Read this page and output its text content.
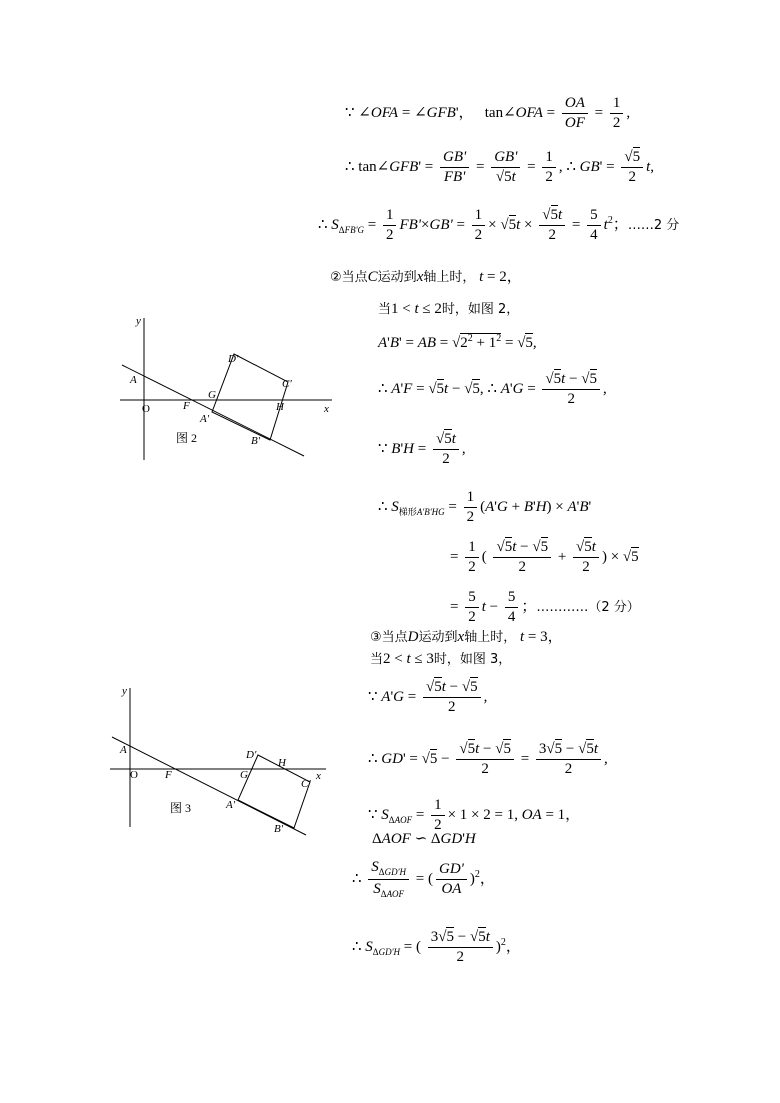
∵ ∠OFA = ∠GFB'，   tan∠OFA = $\frac{OA}{OF} = \frac{1}{2}$ ,
∴ tan∠GFB' = $\frac{GB'}{FB'} = \frac{GB'}{√5t} = \frac{1}{2}$ , ∴ $GB' = \frac{√5}{2} t$,
∴ $S_{\Delta FB'G} = \frac{1}{2} FB'\times GB' = \frac{1}{2} \times √5t \times \frac{√5t}{2} = \frac{5}{4} t^2$；……2 分
②当点C运动到x轴上时， t = 2，
当1 < t ≤ 2时，如图 2，
A'B' = AB = $√2^2 + 1^2 = √5$,
∴ A'F = √5t − √5, ∴ $A'G = \frac{√5t - √5}{2}$ ,
∵ $B'H = \frac{√5t}{2}$ ,
∴ $S_{梯形A'B'HG} = \frac{1}{2} (A'G + B'H) \times A'B'$
= $\frac{1}{2}$ ( $\frac{√5t - √5}{2} + \frac{√5t}{2}$ ) × √5
= $\frac{5}{2}$ $t - \frac{5}{4}$ ；…………（2 分）
③当点D运动到x轴上时， t = 3，
当2 < t ≤ 3时，如图 3，
∵ $A'G = \frac{√5t - √5}{2}$ ,
∴ $GD' = √5 - \frac{√5t - √5}{2} = \frac{3√5 - √5t}{2}$ ,
∵ $S_{\Delta AOF} = \frac{1}{2} \times 1 \times 2 = 1$, OA = 1，
ΔAOF ∽ ΔGD'H
∴ $\frac{S_{\Delta GD'H}}{S_{\Delta AOF}}$ = ( $\frac{GD'}{OA} )^2$，
∴ $S_{\Delta GD'H}$ = ( $\frac{3√5 - √5t}{2} )^2$，
y
x
A
O	F
G
A'
D'
C'
H
B'
图 2
y
x
A
O F	G
A'
D'
H
C'
B'
图 3
